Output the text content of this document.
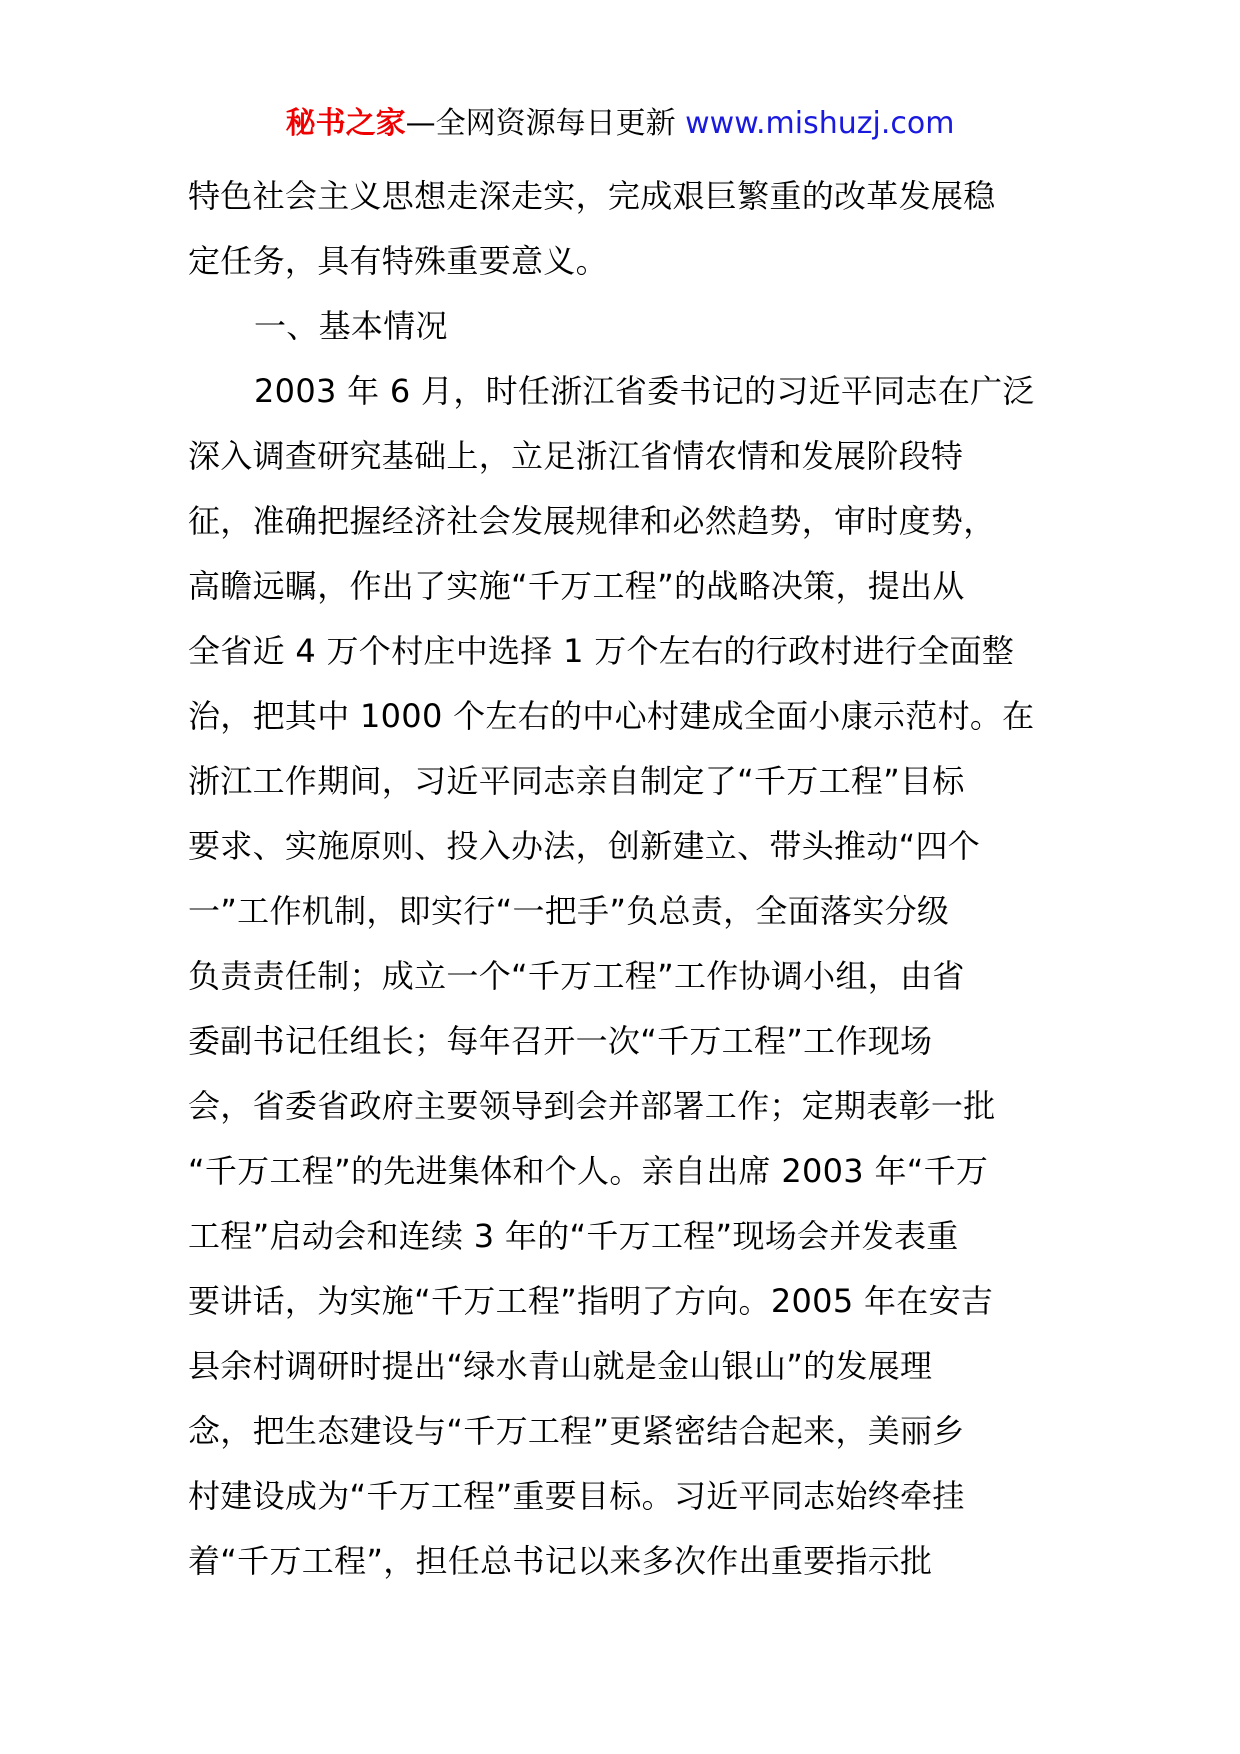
秘书之家—全网资源每日更新 www.mishuzj.com
特色社会主义思想走深走实，完成艰巨繁重的改革发展稳
定任务，具有特殊重要意义。
一、基本情况
2003 年 6 月，时任浙江省委书记的习近平同志在广泛
深入调查研究基础上，立足浙江省情农情和发展阶段特
征，准确把握经济社会发展规律和必然趋势，审时度势，
高瞻远瞩，作出了实施“千万工程”的战略决策，提出从
全省近 4 万个村庄中选择 1 万个左右的行政村进行全面整
治，把其中 1000 个左右的中心村建成全面小康示范村。在
浙江工作期间，习近平同志亲自制定了“千万工程”目标
要求、实施原则、投入办法，创新建立、带头推动“四个
一”工作机制，即实行“一把手”负总责，全面落实分级
负责责任制；成立一个“千万工程”工作协调小组，由省
委副书记任组长；每年召开一次“千万工程”工作现场
会，省委省政府主要领导到会并部署工作；定期表彰一批
“千万工程”的先进集体和个人。亲自出席 2003 年“千万
工程”启动会和连续 3 年的“千万工程”现场会并发表重
要讲话，为实施“千万工程”指明了方向。2005 年在安吉
县余村调研时提出“绿水青山就是金山银山”的发展理
念，把生态建设与“千万工程”更紧密结合起来，美丽乡
村建设成为“千万工程”重要目标。习近平同志始终牵挂
着“千万工程”，担任总书记以来多次作出重要指示批
